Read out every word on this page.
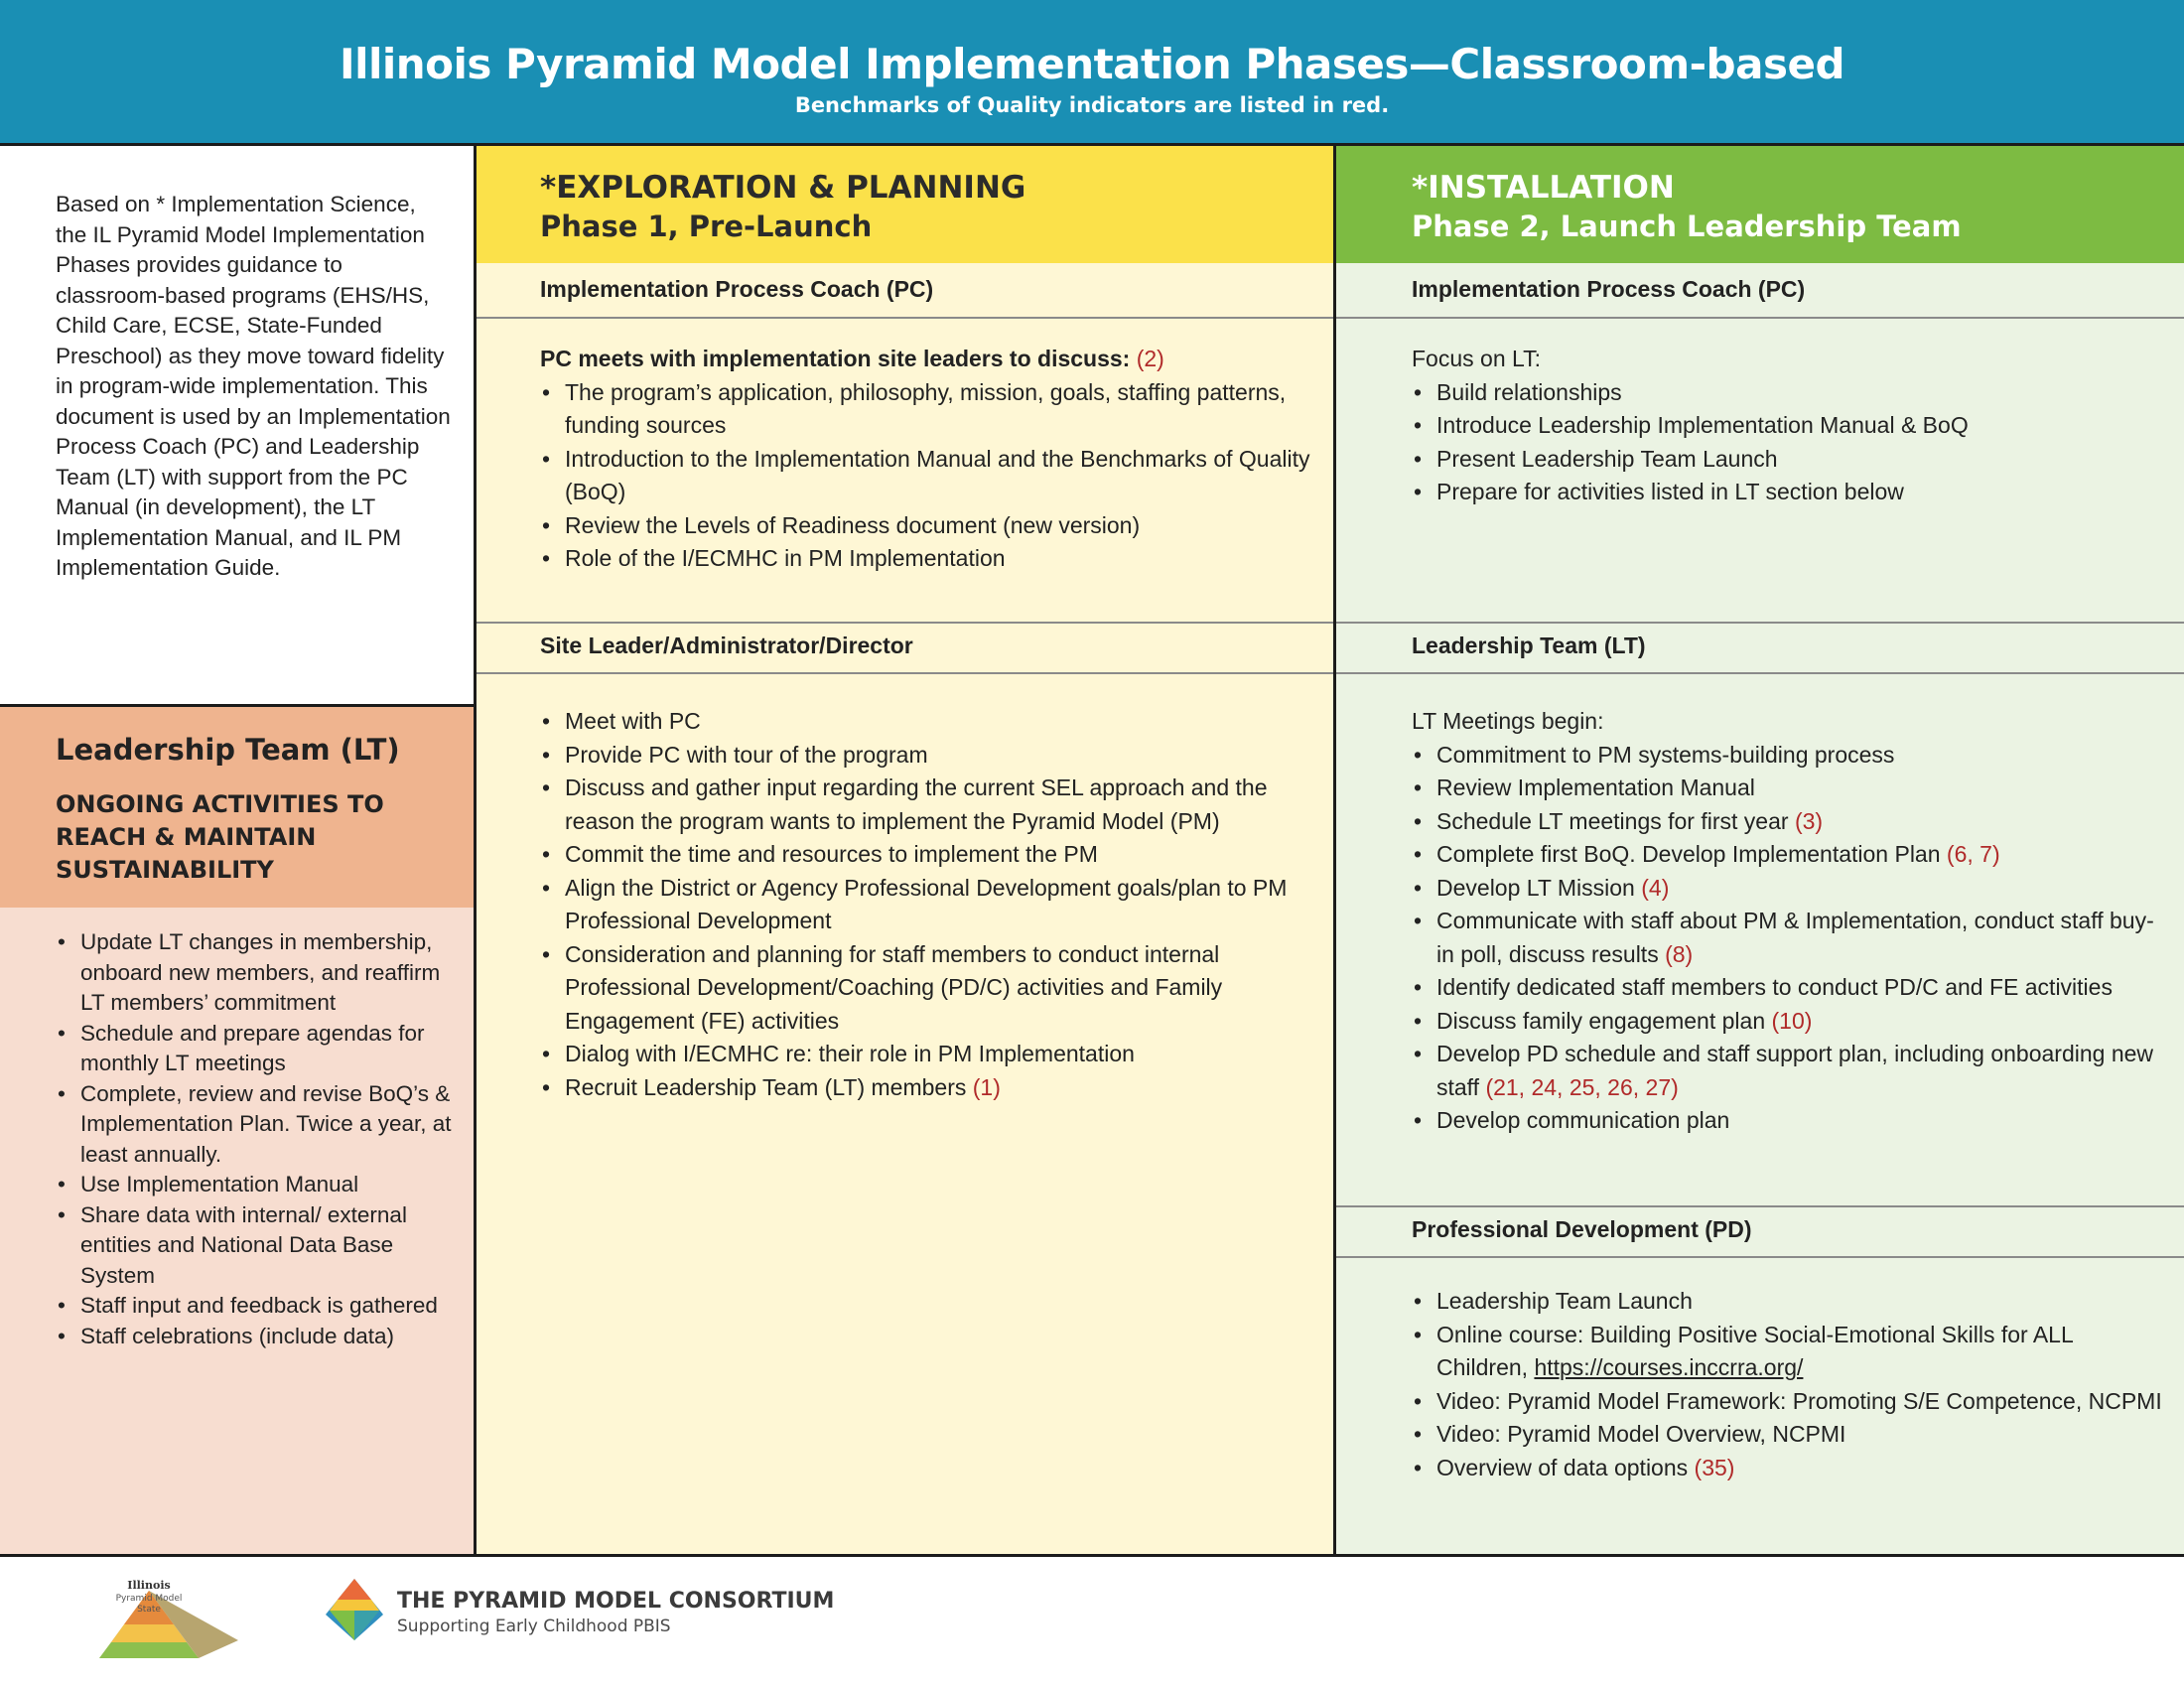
Illinois Pyramid Model Implementation Phases—Classroom-based
Benchmarks of Quality indicators are listed in red.
Based on * Implementation Science, the IL Pyramid Model Implementation Phases provides guidance to classroom-based programs (EHS/HS, Child Care, ECSE, State-Funded Preschool) as they move toward fidelity in program-wide implementation. This document is used by an Implementation Process Coach (PC) and Leadership Team (LT) with support from the PC Manual (in development), the LT Implementation Manual, and IL PM Implementation Guide.
Leadership Team (LT)
ONGOING ACTIVITIES TO REACH & MAINTAIN SUSTAINABILITY
• Update LT changes in membership, onboard new members, and reaffirm LT members’ commitment
• Schedule and prepare agendas for monthly LT meetings
• Complete, review and revise BoQ’s & Implementation Plan. Twice a year, at least annually.
• Use Implementation Manual
• Share data with internal/ external entities and National Data Base System
• Staff input and feedback is gathered
• Staff celebrations (include data)
*EXPLORATION & PLANNING
Phase 1, Pre-Launch
Implementation Process Coach (PC)
PC meets with implementation site leaders to discuss: (2)
• The program’s application, philosophy, mission, goals, staffing patterns, funding sources
• Introduction to the Implementation Manual and the Benchmarks of Quality (BoQ)
• Review the Levels of Readiness document (new version)
• Role of the I/ECMHC in PM Implementation
Site Leader/Administrator/Director
• Meet with PC
• Provide PC with tour of the program
• Discuss and gather input regarding the current SEL approach and the reason the program wants to implement the Pyramid Model (PM)
• Commit the time and resources to implement the PM
• Align the District or Agency Professional Development goals/plan to PM Professional Development
• Consideration and planning for staff members to conduct internal Professional Development/Coaching (PD/C) activities and Family Engagement (FE) activities
• Dialog with I/ECMHC re: their role in PM Implementation
• Recruit Leadership Team (LT) members (1)
*INSTALLATION
Phase 2, Launch Leadership Team
Implementation Process Coach (PC)
Focus on LT:
• Build relationships
• Introduce Leadership Implementation Manual & BoQ
• Present Leadership Team Launch
• Prepare for activities listed in LT section below
Leadership Team (LT)
LT Meetings begin:
• Commitment to PM systems-building process
• Review Implementation Manual
• Schedule LT meetings for first year (3)
• Complete first BoQ. Develop Implementation Plan (6, 7)
• Develop LT Mission (4)
• Communicate with staff about PM & Implementation, conduct staff buy-in poll, discuss results (8)
• Identify dedicated staff members to conduct PD/C and FE activities
• Discuss family engagement plan (10)
• Develop PD schedule and staff support plan, including onboarding new staff (21, 24, 25, 26, 27)
• Develop communication plan
Professional Development (PD)
• Leadership Team Launch
• Online course: Building Positive Social-Emotional Skills for ALL Children, https://courses.inccrra.org/
• Video: Pyramid Model Framework: Promoting S/E Competence, NCPMI
• Video: Pyramid Model Overview, NCPMI
• Overview of data options (35)
Illinois
Pyramid Model
State	THE PYRAMID MODEL CONSORTIUM
Supporting Early Childhood PBIS
